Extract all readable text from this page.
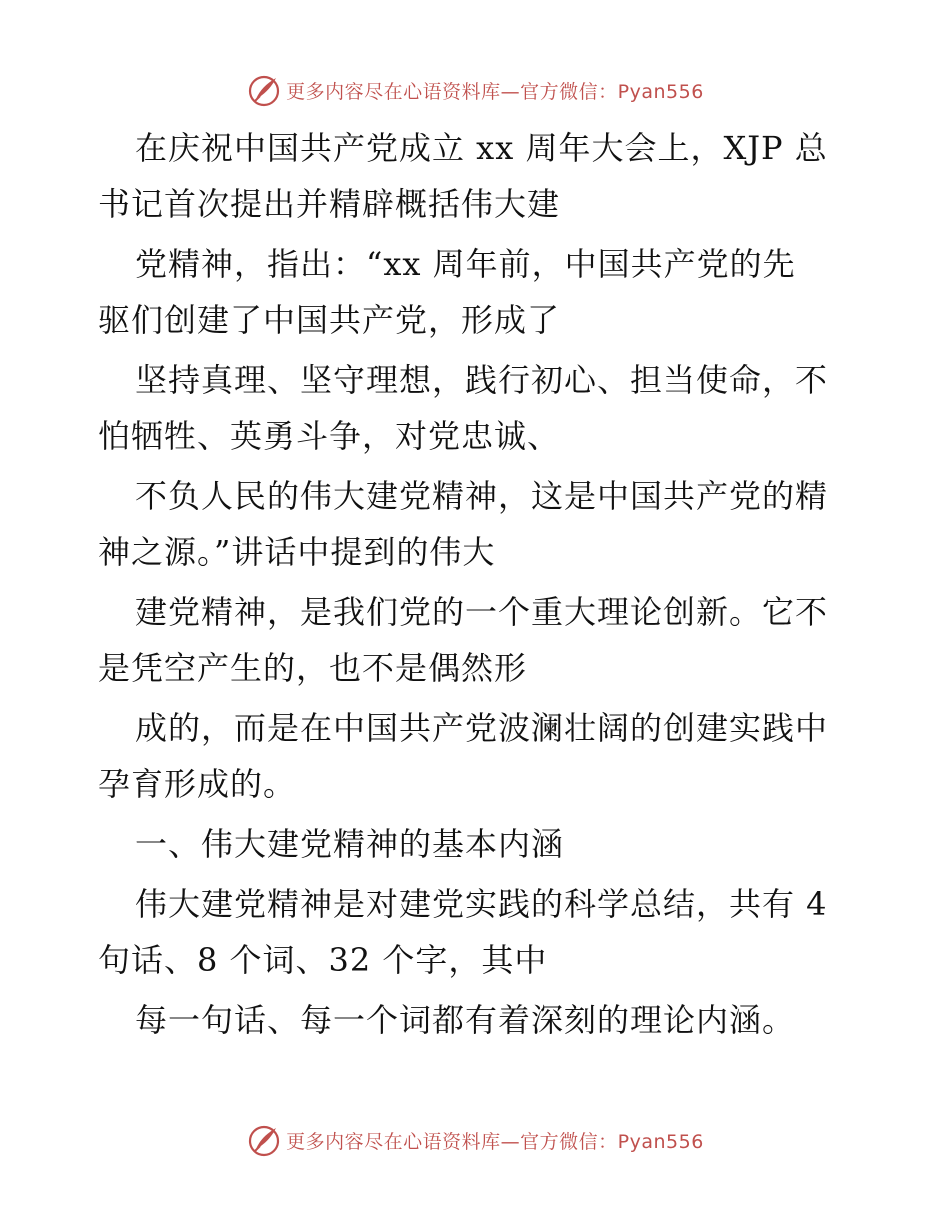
更多内容尽在心语资料库—官方微信：Pyan556
在庆祝中国共产党成立 xx 周年大会上，XJP 总
书记首次提出并精辟概括伟大建
党精神，指出：“xx 周年前，中国共产党的先
驱们创建了中国共产党，形成了
坚持真理、坚守理想，践行初心、担当使命，不
怕牺牲、英勇斗争，对党忠诚、
不负人民的伟大建党精神，这是中国共产党的精
神之源。”讲话中提到的伟大
建党精神，是我们党的一个重大理论创新。它不
是凭空产生的，也不是偶然形
成的，而是在中国共产党波澜壮阔的创建实践中
孕育形成的。
一、伟大建党精神的基本内涵
伟大建党精神是对建党实践的科学总结，共有 4
句话、8 个词、32 个字，其中
每一句话、每一个词都有着深刻的理论内涵。
更多内容尽在心语资料库—官方微信：Pyan556
